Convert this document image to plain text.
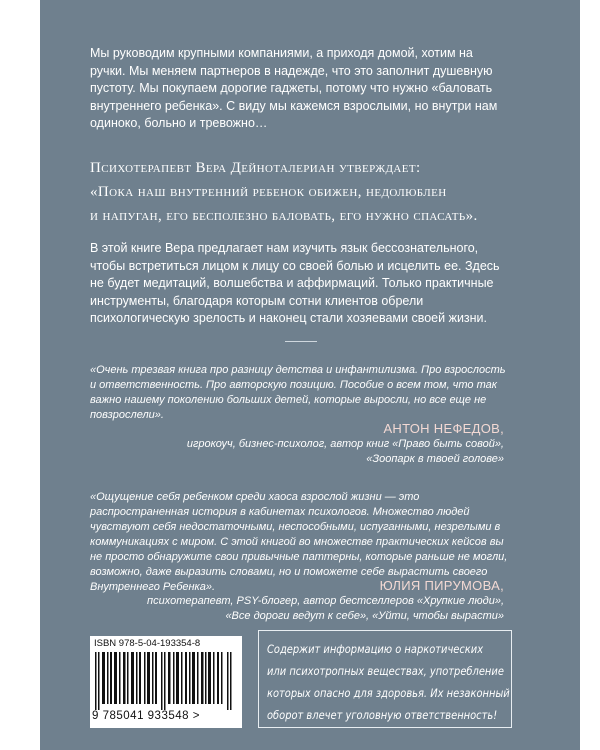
Мы руководим крупными компаниями, а приходя домой, хотим на ручки. Мы меняем партнеров в надежде, что это заполнит душевную пустоту. Мы покупаем дорогие гаджеты, потому что нужно «баловать внутреннего ребенка». С виду мы кажемся взрослыми, но внутри нам одиноко, больно и тревожно…
Психотерапевт Вера Дейноталериан утверждает:
«Пока наш внутренний ребенок обижен, недолюблен
и напуган, его бесполезно баловать, его нужно спасать».
В этой книге Вера предлагает нам изучить язык бессознательного, чтобы встретиться лицом к лицу со своей болью и исцелить ее. Здесь не будет медитаций, волшебства и аффирмаций. Только практичные инструменты, благодаря которым сотни клиентов обрели психологическую зрелость и наконец стали хозяевами своей жизни.
«Очень трезвая книга про разницу детства и инфантилизма. Про взрослость и ответственность. Про авторскую позицию. Пособие о всем том, что так важно нашему поколению больших детей, которые выросли, но все еще не повзрослели».
АНТОН НЕФЕДОВ,
игрокоуч, бизнес-психолог, автор книг «Право быть совой»,
«Зоопарк в твоей голове»
«Ощущение себя ребенком среди хаоса взрослой жизни — это распространенная история в кабинетах психологов. Множество людей чувствуют себя недостаточными, неспособными, испуганными, незрелыми в коммуникациях с миром. С этой книгой во множестве практических кейсов вы не просто обнаружите свои привычные паттерны, которые раньше не могли, возможно, даже выразить словами, но и поможете себе вырастить своего Внутреннего Ребенка».	ЮЛИЯ ПИРУМОВА,
психотерапевт, PSY-блогер, автор бестселлеров «Хрупкие люди»,
«Все дороги ведут к себе», «Уйти, чтобы вырасти»
ISBN 978-5-04-193354-8
9 785041 933548 >
Содержит информацию о наркотических
или психотропных веществах, употребление
которых опасно для здоровья. Их незаконный
оборот влечет уголовную ответственность!
